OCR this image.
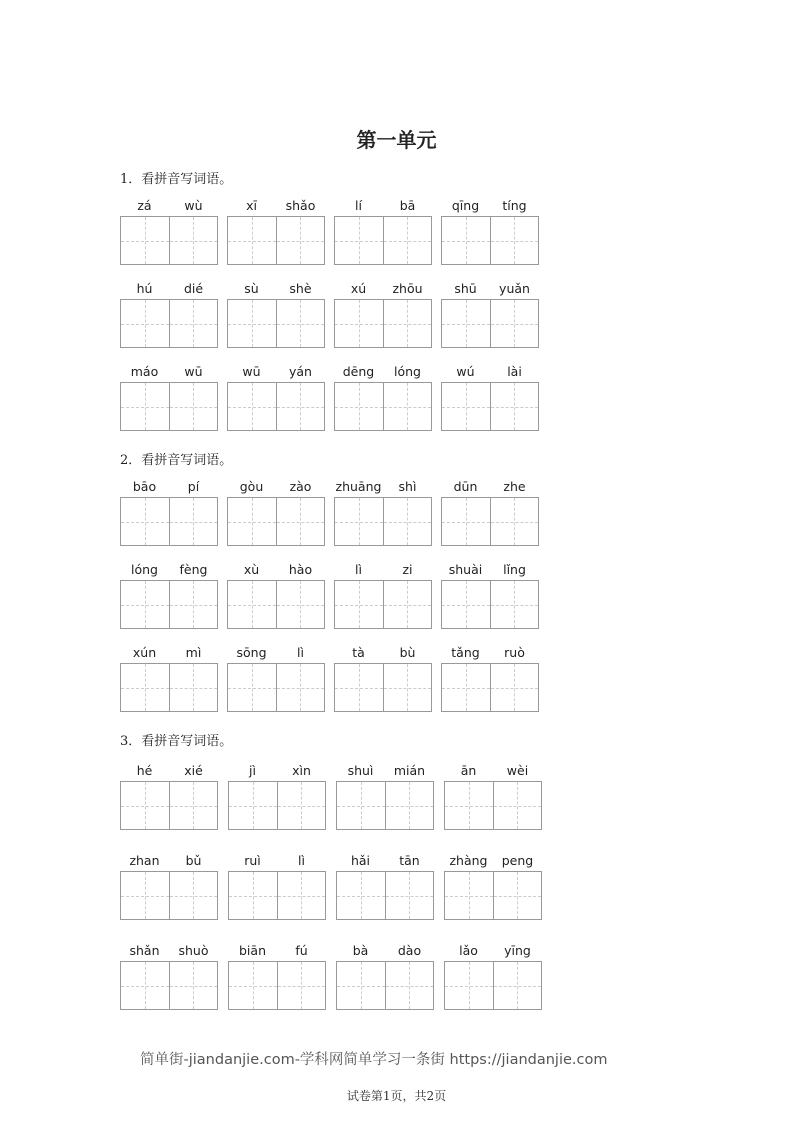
第一单元
1．看拼音写词语。
zá	wù	xī	shǎo	lí	bā	qīng	tíng
hú	dié	sù	shè	xú	zhōu	shū	yuǎn
máo	wū	wū	yán	dēng	lóng	wú	lài
2．看拼音写词语。
bāo	pí	gòu	zào	zhuāng	shì	dūn	zhe
lóng	fèng	xù	hào	lì	zi	shuài	lǐng
xún	mì	sōng	lì	tà	bù	tǎng	ruò
3．看拼音写词语。
hé	xié	jì	xìn	shuì	mián	ān	wèi
zhan	bǔ	ruì	lì	hǎi	tān	zhàng	peng
shǎn	shuò	biān	fú	bà	dào	lǎo	yīng
简单街-jiandanjie.com-学科网简单学习一条街 https://jiandanjie.com
试卷第1页，共2页
